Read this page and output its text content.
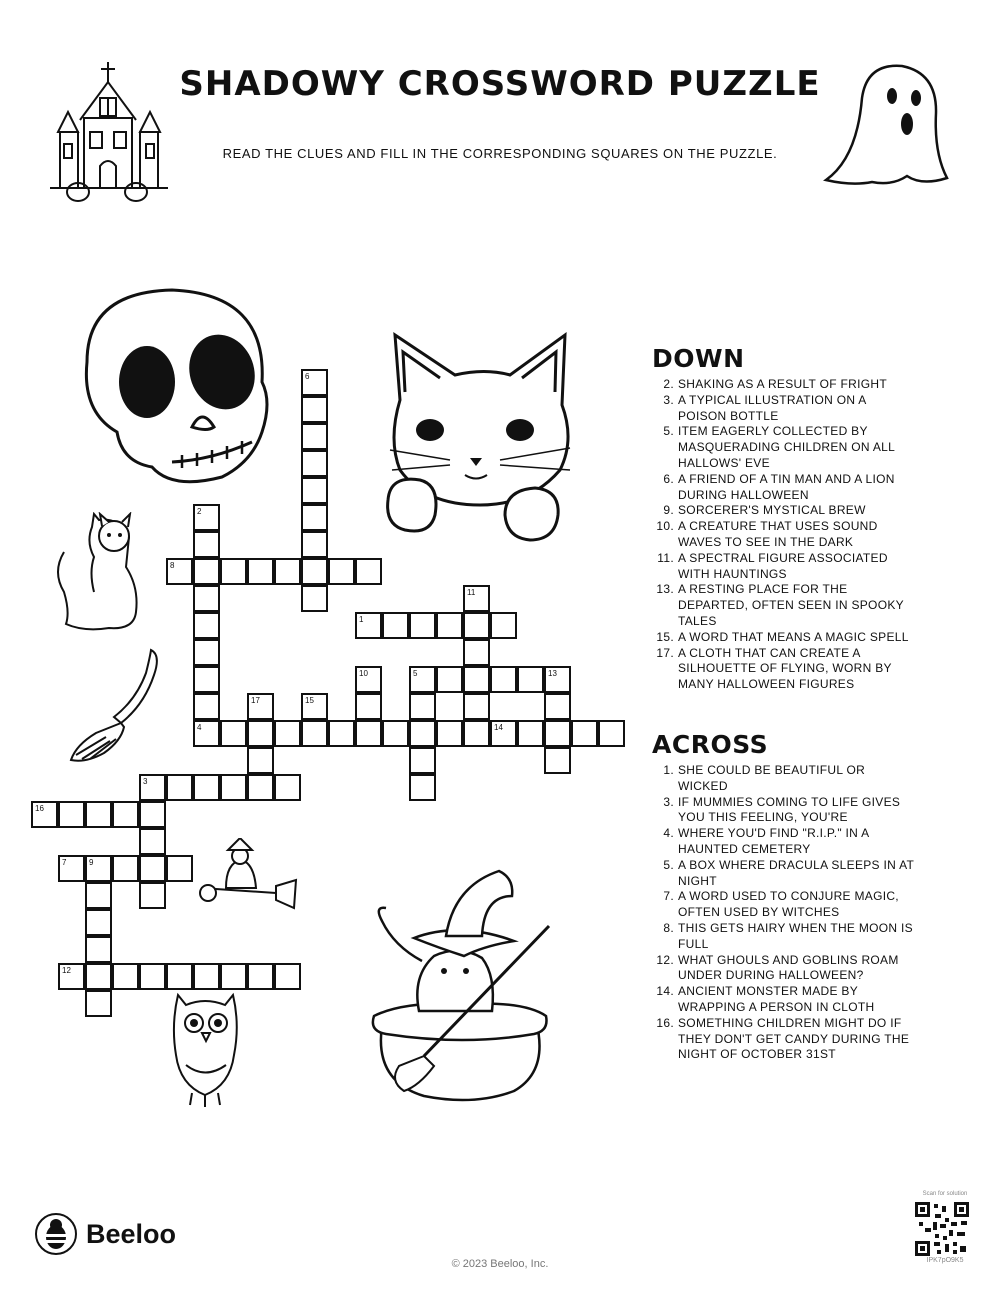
SHADOWY CROSSWORD PUZZLE
READ THE CLUES AND FILL IN THE CORRESPONDING SQUARES ON THE PUZZLE.
1
2
3
4
5
6
7
8
9
10
11
12
13
14
15
16
17
DOWN
2. SHAKING AS A RESULT OF FRIGHT
3. A TYPICAL ILLUSTRATION ON A POISON BOTTLE
5. ITEM EAGERLY COLLECTED BY MASQUERADING CHILDREN ON ALL HALLOWS' EVE
6. A FRIEND OF A TIN MAN AND A LION DURING HALLOWEEN
9. SORCERER'S MYSTICAL BREW
10. A CREATURE THAT USES SOUND WAVES TO SEE IN THE DARK
11. A SPECTRAL FIGURE ASSOCIATED WITH HAUNTINGS
13. A RESTING PLACE FOR THE DEPARTED, OFTEN SEEN IN SPOOKY TALES
15. A WORD THAT MEANS A MAGIC SPELL
17. A CLOTH THAT CAN CREATE A SILHOUETTE OF FLYING, WORN BY MANY HALLOWEEN FIGURES
ACROSS
1. SHE COULD BE BEAUTIFUL OR WICKED
3. IF MUMMIES COMING TO LIFE GIVES YOU THIS FEELING, YOU'RE
4. WHERE YOU'D FIND "R.I.P." IN A HAUNTED CEMETERY
5. A BOX WHERE DRACULA SLEEPS IN AT NIGHT
7. A WORD USED TO CONJURE MAGIC, OFTEN USED BY WITCHES
8. THIS GETS HAIRY WHEN THE MOON IS FULL
12. WHAT GHOULS AND GOBLINS ROAM UNDER DURING HALLOWEEN?
14. ANCIENT MONSTER MADE BY WRAPPING A PERSON IN CLOTH
16. SOMETHING CHILDREN MIGHT DO IF THEY DON'T GET CANDY DURING THE NIGHT OF OCTOBER 31ST
Beeloo
© 2023 Beeloo, Inc.
Scan for solution
IPK7pO9K5
